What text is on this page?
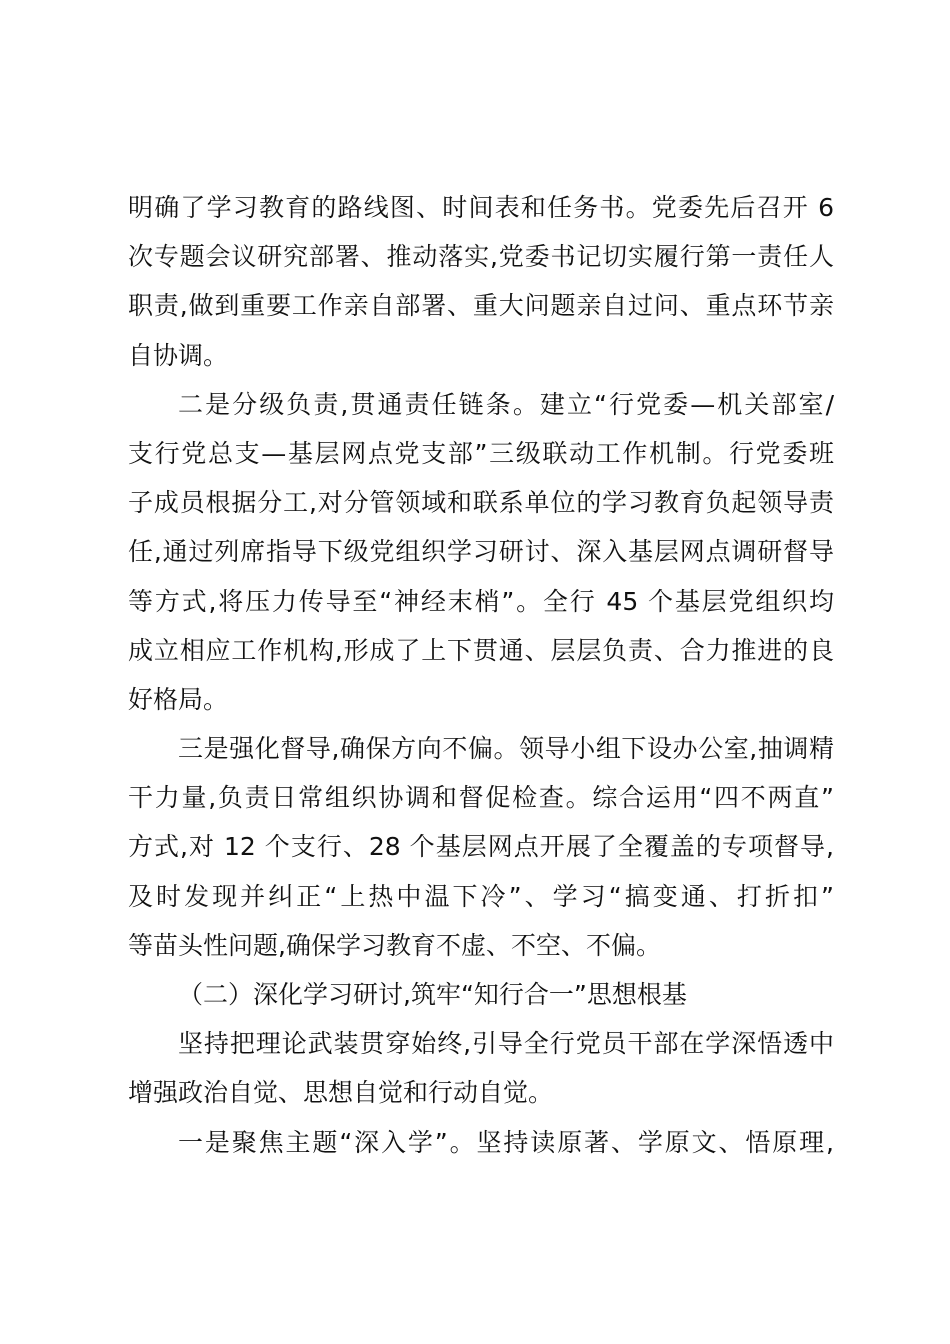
明确了学习教育的路线图、时间表和任务书。党委先后召开 6
次专题会议研究部署、推动落实,党委书记切实履行第一责任人
职责,做到重要工作亲自部署、重大问题亲自过问、重点环节亲
自协调。
二是分级负责,贯通责任链条。建立“行党委—机关部室/
支行党总支—基层网点党支部”三级联动工作机制。行党委班
子成员根据分工,对分管领域和联系单位的学习教育负起领导责
任,通过列席指导下级党组织学习研讨、深入基层网点调研督导
等方式,将压力传导至“神经末梢”。全行 45 个基层党组织均
成立相应工作机构,形成了上下贯通、层层负责、合力推进的良
好格局。
三是强化督导,确保方向不偏。领导小组下设办公室,抽调精
干力量,负责日常组织协调和督促检查。综合运用“四不两直”
方式,对 12 个支行、28 个基层网点开展了全覆盖的专项督导,
及时发现并纠正“上热中温下冷”、学习“搞变通、打折扣”
等苗头性问题,确保学习教育不虚、不空、不偏。
（二）深化学习研讨,筑牢“知行合一”思想根基
坚持把理论武装贯穿始终,引导全行党员干部在学深悟透中
增强政治自觉、思想自觉和行动自觉。
一是聚焦主题“深入学”。坚持读原著、学原文、悟原理,
